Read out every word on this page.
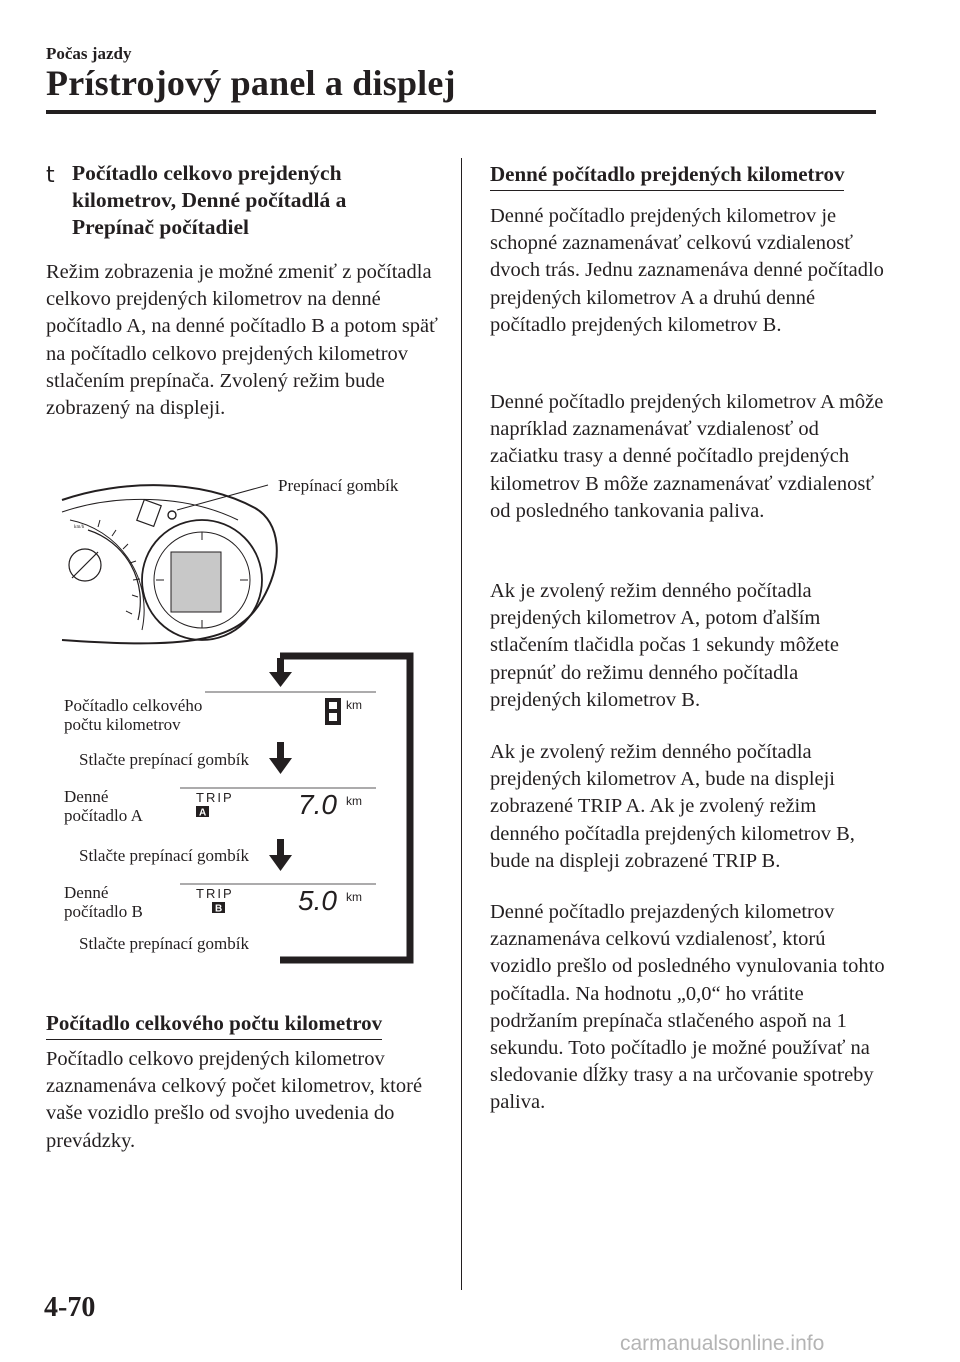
Počas jazdy
Prístrojový panel a displej
t Počítadlo celkovo prejdených kilometrov, Denné počítadlá a Prepínač počítadiel
Režim zobrazenia je možné zmeniť z počítadla celkovo prejdených kilometrov na denné počítadlo A, na denné počítadlo B a potom späť na počítadlo celkovo prejdených kilometrov stlačením prepínača. Zvolený režim bude zobrazený na displeji.
km/h
Prepínací gombík
Počítadlo celkového
počtu kilometrov
km
Stlačte prepínací gombík
Denné
počítadlo A
TRIP
A	7.0 km
Stlačte prepínací gombík
Denné
počítadlo B
TRIP
B	5.0 km
Stlačte prepínací gombík
Počítadlo celkového počtu kilometrov
Počítadlo celkovo prejdených kilometrov zaznamenáva celkový počet kilometrov, ktoré vaše vozidlo prešlo od svojho uvedenia do prevádzky.
Denné počítadlo prejdených kilometrov
Denné počítadlo prejdených kilometrov je schopné zaznamenávať celkovú vzdialenosť dvoch trás. Jednu zaznamenáva denné počítadlo prejdených kilometrov A a druhú denné počítadlo prejdených kilometrov B.
Denné počítadlo prejdených kilometrov A môže napríklad zaznamenávať vzdialenosť od začiatku trasy a denné počítadlo prejdených kilometrov B môže zaznamenávať vzdialenosť od posledného tankovania paliva.
Ak je zvolený režim denného počítadla prejdených kilometrov A, potom ďalším stlačením tlačidla počas 1 sekundy môžete prepnúť do režimu denného počítadla prejdených kilometrov B.
Ak je zvolený režim denného počítadla prejdených kilometrov A, bude na displeji zobrazené TRIP A. Ak je zvolený režim denného počítadla prejdených kilometrov B, bude na displeji zobrazené TRIP B.
Denné počítadlo prejazdených kilometrov zaznamenáva celkovú vzdialenosť, ktorú vozidlo prešlo od posledného vynulovania tohto počítadla. Na hodnotu „0,0“ ho vrátite podržaním prepínača stlačeného aspoň na 1 sekundu. Toto počítadlo je možné používať na sledovanie dĺžky trasy a na určovanie spotreby paliva.
4-70
carmanualsonline.info
